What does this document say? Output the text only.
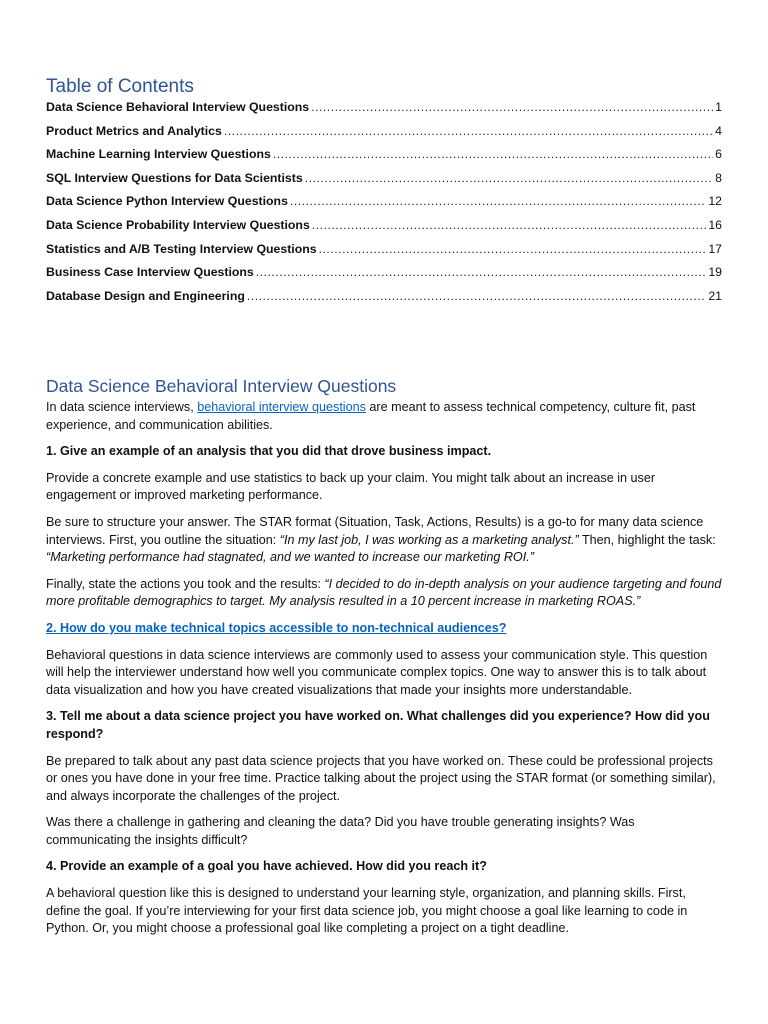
Table of Contents
Data Science Behavioral Interview Questions .....	1
Product Metrics and Analytics .....	4
Machine Learning Interview Questions .....	6
SQL Interview Questions for Data Scientists .....	8
Data Science Python Interview Questions .....	12
Data Science Probability Interview Questions .....	16
Statistics and A/B Testing Interview Questions .....	17
Business Case Interview Questions .....	19
Database Design and Engineering .....	21
Data Science Behavioral Interview Questions

In data science interviews, behavioral interview questions are meant to assess technical competency, culture fit, past experience, and communication abilities.

1. Give an example of an analysis that you did that drove business impact.

Provide a concrete example and use statistics to back up your claim. You might talk about an increase in user engagement or improved marketing performance.

Be sure to structure your answer. The STAR format (Situation, Task, Actions, Results) is a go-to for many data science interviews. First, you outline the situation: “In my last job, I was working as a marketing analyst.” Then, highlight the task: “Marketing performance had stagnated, and we wanted to increase our marketing ROI.”

Finally, state the actions you took and the results: “I decided to do in-depth analysis on your audience targeting and found more profitable demographics to target. My analysis resulted in a 10 percent increase in marketing ROAS.”

2. How do you make technical topics accessible to non-technical audiences?

Behavioral questions in data science interviews are commonly used to assess your communication style. This question will help the interviewer understand how well you communicate complex topics. One way to answer this is to talk about data visualization and how you have created visualizations that made your insights more understandable.

3. Tell me about a data science project you have worked on. What challenges did you experience? How did you respond?

Be prepared to talk about any past data science projects that you have worked on. These could be professional projects or ones you have done in your free time. Practice talking about the project using the STAR format (or something similar), and always incorporate the challenges of the project.

Was there a challenge in gathering and cleaning the data? Did you have trouble generating insights? Was communicating the insights difficult?

4. Provide an example of a goal you have achieved. How did you reach it?

A behavioral question like this is designed to understand your learning style, organization, and planning skills. First, define the goal. If you’re interviewing for your first data science job, you might choose a goal like learning to code in Python. Or, you might choose a professional goal like completing a project on a tight deadline.
